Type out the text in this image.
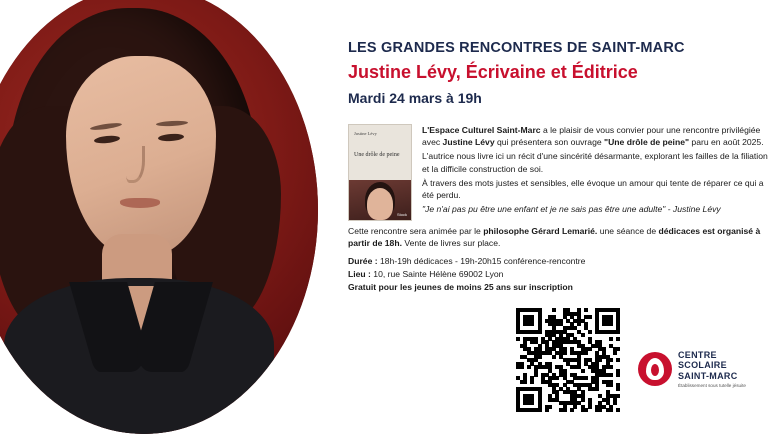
LES GRANDES RENCONTRES DE SAINT-MARC
Justine Lévy, Écrivaine et Éditrice
Mardi 24 mars à 19h
Justine Lévy
Une drôle de peine
Stock

L'Espace Culturel Saint-Marc a le plaisir de vous convier pour une rencontre privilégiée avec Justine Lévy qui présentera son ouvrage "Une drôle de peine" paru en août 2025.

L'autrice nous livre ici un récit d'une sincérité désarmante, explorant les failles de la filiation et la difficile construction de soi.

À travers des mots justes et sensibles, elle évoque un amour qui tente de réparer ce qui a été perdu.

"Je n'ai pas pu être une enfant et je ne sais pas être une adulte" - Justine Lévy

Cette rencontre sera animée par le philosophe Gérard Lemarié. une séance de dédicaces est organisé à partir de 18h. Vente de livres sur place.

Durée : 18h-19h dédicaces - 19h-20h15 conférence-rencontre

Lieu : 10, rue Sainte Hélène 69002 Lyon

Gratuit pour les jeunes de moins 25 ans sur inscription

CENTRE SCOLAIRE
SAINT-MARC
Établissement sous tutelle jésuite
